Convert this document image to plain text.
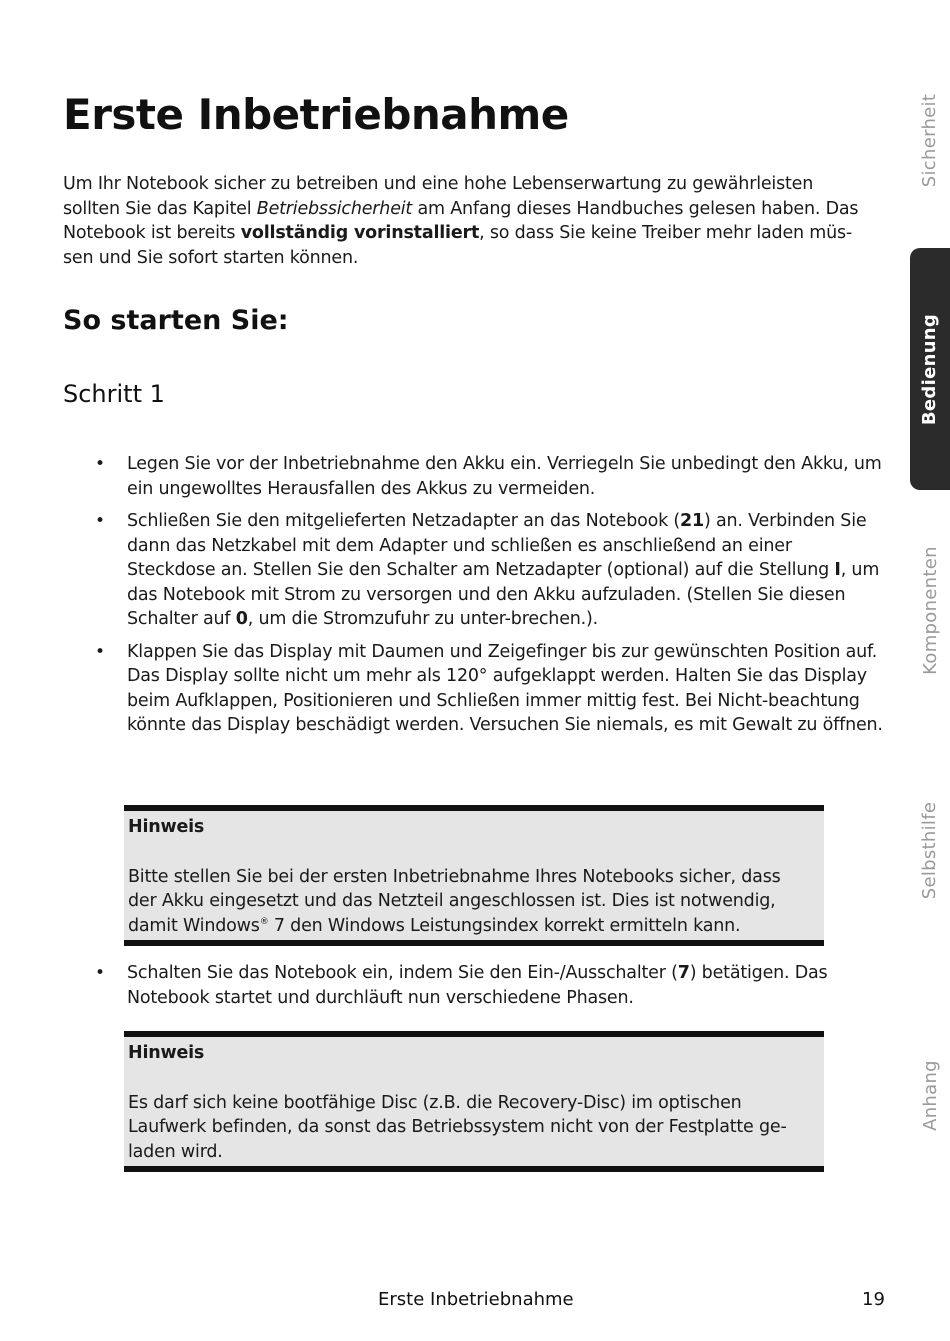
Erste Inbetriebnahme

Um Ihr Notebook sicher zu betreiben und eine hohe Lebenserwartung zu gewährleisten sollten Sie das Kapitel Betriebssicherheit am Anfang dieses Handbuches gelesen haben. Das Notebook ist bereits vollständig vorinstalliert, so dass Sie keine Treiber mehr laden müs-sen und Sie sofort starten können.

So starten Sie:
Schritt 1
• Legen Sie vor der Inbetriebnahme den Akku ein. Verriegeln Sie unbedingt den Akku, um ein ungewolltes Herausfallen des Akkus zu vermeiden.
• Schließen Sie den mitgelieferten Netzadapter an das Notebook (21) an. Verbinden Sie dann das Netzkabel mit dem Adapter und schließen es anschließend an einer Steckdose an. Stellen Sie den Schalter am Netzadapter (optional) auf die Stellung I, um das Notebook mit Strom zu versorgen und den Akku aufzuladen. (Stellen Sie diesen Schalter auf 0, um die Stromzufuhr zu unter-brechen.).
• Klappen Sie das Display mit Daumen und Zeigefinger bis zur gewünschten Position auf. Das Display sollte nicht um mehr als 120° aufgeklappt werden. Halten Sie das Display beim Aufklappen, Positionieren und Schließen immer mittig fest. Bei Nicht-beachtung könnte das Display beschädigt werden. Versuchen Sie niemals, es mit Gewalt zu öffnen.
Hinweis
Bitte stellen Sie bei der ersten Inbetriebnahme Ihres Notebooks sicher, dass der Akku eingesetzt und das Netzteil angeschlossen ist. Dies ist notwendig, damit Windows® 7 den Windows Leistungsindex korrekt ermitteln kann.
• Schalten Sie das Notebook ein, indem Sie den Ein-/Ausschalter (7) betätigen. Das Notebook startet und durchläuft nun verschiedene Phasen.
Hinweis
Es darf sich keine bootfähige Disc (z.B. die Recovery-Disc) im optischen Laufwerk befinden, da sonst das Betriebssystem nicht von der Festplatte ge-laden wird.
Sicherheit
Bedienung
Komponenten
Selbsthilfe
Anhang
Erste Inbetriebnahme	19
